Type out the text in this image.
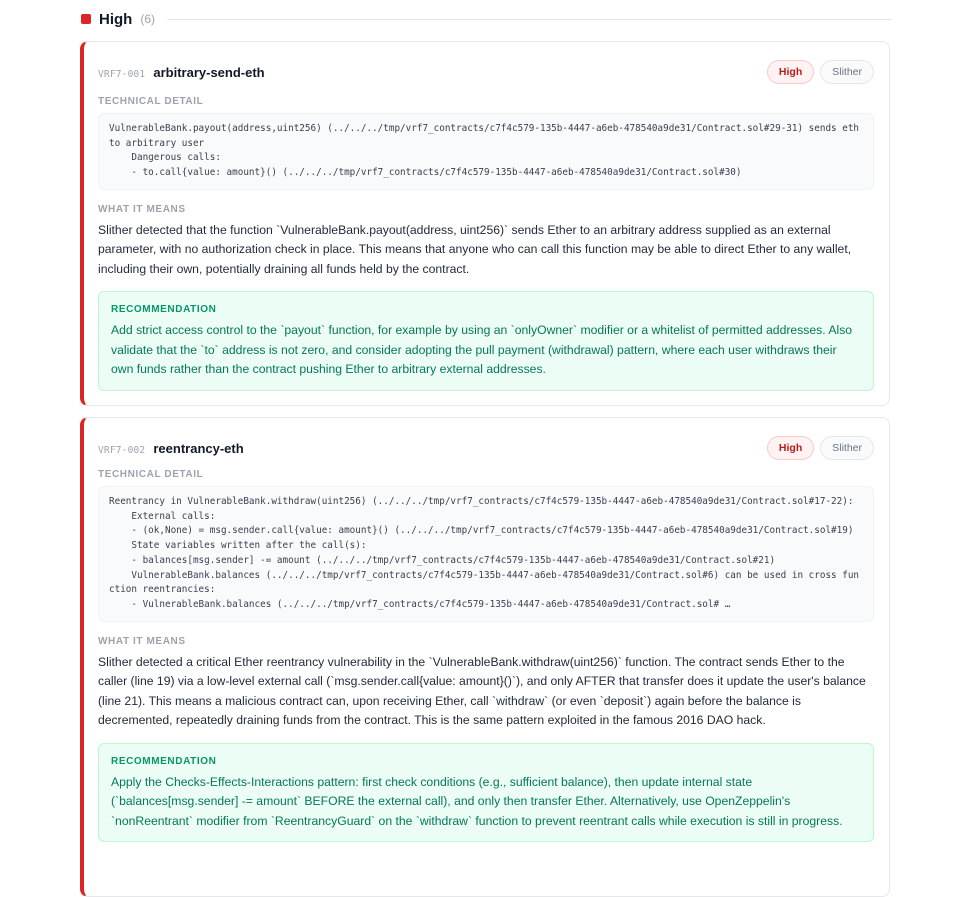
High (6)
VRF7-001 arbitrary-send-eth	High	Slither
TECHNICAL DETAIL
VulnerableBank.payout(address,uint256) (../../../tmp/vrf7_contracts/c7f4c579-135b-4447-a6eb-478540a9de31/Contract.sol#29-31) sends eth to arbitrary user
Dangerous calls:
- to.call{value: amount}() (../../../tmp/vrf7_contracts/c7f4c579-135b-4447-a6eb-478540a9de31/Contract.sol#30)
WHAT IT MEANS

Slither detected that the function `VulnerableBank.payout(address, uint256)` sends Ether to an arbitrary address supplied as an external parameter, with no authorization check in place. This means that anyone who can call this function may be able to direct Ether to any wallet, including their own, potentially draining all funds held by the contract.

RECOMMENDATION
Add strict access control to the `payout` function, for example by using an `onlyOwner` modifier or a whitelist of permitted addresses. Also validate that the `to` address is not zero, and consider adopting the pull payment (withdrawal) pattern, where each user withdraws their own funds rather than the contract pushing Ether to arbitrary external addresses.
VRF7-002 reentrancy-eth	High	Slither
TECHNICAL DETAIL
Reentrancy in VulnerableBank.withdraw(uint256) (../../../tmp/vrf7_contracts/c7f4c579-135b-4447-a6eb-478540a9de31/Contract.sol#17-22):
External calls:
- (ok,None) = msg.sender.call{value: amount}() (../../../tmp/vrf7_contracts/c7f4c579-135b-4447-a6eb-478540a9de31/Contract.sol#19)
State variables written after the call(s):
- balances[msg.sender] -= amount (../../../tmp/vrf7_contracts/c7f4c579-135b-4447-a6eb-478540a9de31/Contract.sol#21)
VulnerableBank.balances (../../../tmp/vrf7_contracts/c7f4c579-135b-4447-a6eb-478540a9de31/Contract.sol#6) can be used in cross function reentrancies:
- VulnerableBank.balances (../../../tmp/vrf7_contracts/c7f4c579-135b-4447-a6eb-478540a9de31/Contract.sol# …
WHAT IT MEANS

Slither detected a critical Ether reentrancy vulnerability in the `VulnerableBank.withdraw(uint256)` function. The contract sends Ether to the caller (line 19) via a low-level external call (`msg.sender.call{value: amount}()`), and only AFTER that transfer does it update the user's balance (line 21). This means a malicious contract can, upon receiving Ether, call `withdraw` (or even `deposit`) again before the balance is decremented, repeatedly draining funds from the contract. This is the same pattern exploited in the famous 2016 DAO hack.

RECOMMENDATION
Apply the Checks-Effects-Interactions pattern: first check conditions (e.g., sufficient balance), then update internal state (`balances[msg.sender] -= amount` BEFORE the external call), and only then transfer Ether. Alternatively, use OpenZeppelin's `nonReentrant` modifier from `ReentrancyGuard` on the `withdraw` function to prevent reentrant calls while execution is still in progress.
